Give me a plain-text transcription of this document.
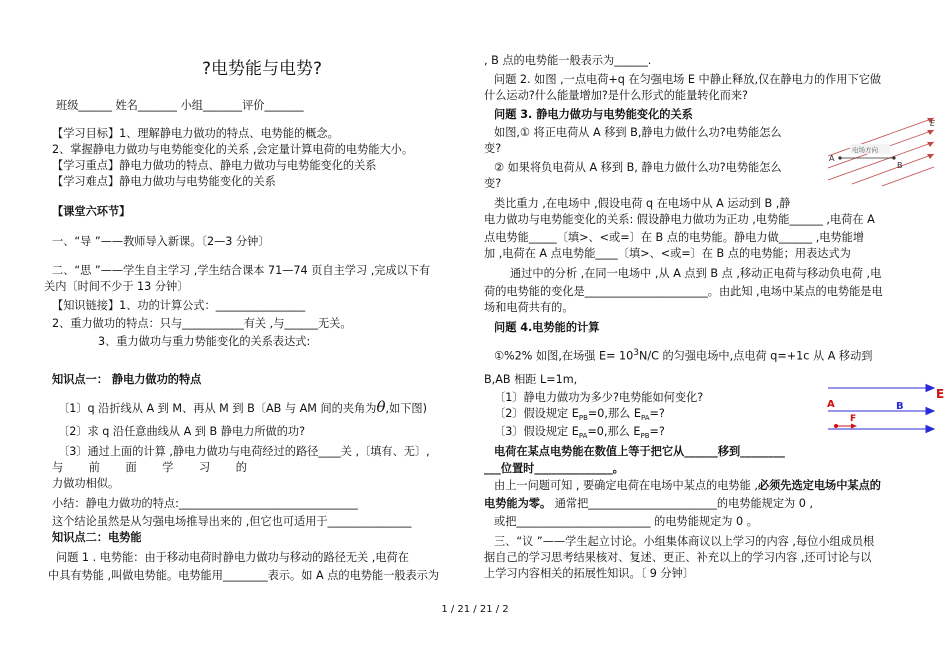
?电势能与电势?
班级______ 姓名_______ 小组_______评价_______
【学习目标】1、理解静电力做功的特点、电势能的概念。
2、掌握静电力做功与电势能变化的关系 ,会定量计算电荷的电势能大小。
【学习重点】静电力做功的特点、静电力做功与电势能变化的关系
【学习难点】静电力做功与电势能变化的关系
【课堂六环节】
一、“导 ”——教师导入新课。〔2—3 分钟〕
二、“思 ”——学生自主学习 ,学生结合课本 71—74 页自主学习 ,完成以下有
关内〔时间不少于 13 分钟〕
【知识链接】1、功的计算公式：________________
2、重力做功的特点：只与___________有关 ,与______无关。
3、重力做功与重力势能变化的关系表达式:
知识点一： 静电力做功的特点
〔1〕q 沿折线从 A 到 M、再从 M 到 B〔AB 与 AM 间的夹角为θ,如下图)
〔2〕求 q 沿任意曲线从 A 到 B 静电力所做的功?
〔3〕通过上面的计算 ,静电力做功与电荷经过的路径____关 ,〔填有、无〕,
与 前 面 学 习 的
力做功相似。
小结：静电力做功的特点:________________________________
这个结论虽然是从匀强电场推导出来的 ,但它也可适用于_______________
知识点二：电势能
问题 1 . 电势能：由于移动电荷时静电力做功与移动的路径无关 ,电荷在
中具有势能 ,叫做电势能。电势能用________表示。如 A 点的电势能一般表示为
, B 点的电势能一般表示为______.
问题 2. 如图 ,一点电荷+q 在匀强电场 E 中静止释放,仅在静电力的作用下它做
什么运动?什么能量增加?是什么形式的能量转化而来?
问题 3. 静电力做功与电势能变化的关系
如图,① 将正电荷从 A 移到 B,静电力做什么功?电势能怎么
变?
② 如果将负电荷从 A 移到 B, 静电力做什么功?电势能怎么
变?
类比重力 ,在电场中 ,假设电荷 q 在电场中从 A 运动到 B ,静
电力做功与电势能变化的关系: 假设静电力做功为正功 ,电势能______ ,电荷在 A
点电势能_____〔填>、<或=〕在 B 点的电势能。静电力做______ ,电势能增
加 ,电荷在 A 点电势能____〔填>、<或=〕在 B 点的电势能；用表达式为
通过中的分析 ,在同一电场中 ,从 A 点到 B 点 ,移动正电荷与移动负电荷 ,电
荷的电势能的变化是______________________。由此知 ,电场中某点的电势能是电
场和电荷共有的。
问题 4.电势能的计算
①%2% 如图,在场强 $E= 10^3N/C$ 的匀强电场中,点电荷 q=+1c 从 A 移动到
B,AB 相距 L=1m,
〔1〕静电力做功为多少?电势能如何变化?
〔2〕假设规定 $E_{PB}=0$,那么 $E_{PA}=$?
〔3〕假设规定 $E_{PA}=0$,那么 $E_{PB}=$?
电荷在某点电势能在数值上等于把它从______移到________
___位置时______________。
由上一问题可知 , 要确定电荷在电场中某点的电势能 ,必须先选定电场中某点的
电势能为零。 通常把_______________________的电势能规定为 0 ,
或把________________________ 的电势能规定为 0 。
三、“议 ”——学生起立讨论。小组集体商议以上学习的内容 ,每位小组成员根
据自己的学习思考结果核对、复述、更正、补充以上的学习内容 ,还可讨论与以
上学习内容相关的拓展性知识。〔 9 分钟〕
A
B
E
电场方向
A	B
E
F
1 / 21 / 21 / 2
